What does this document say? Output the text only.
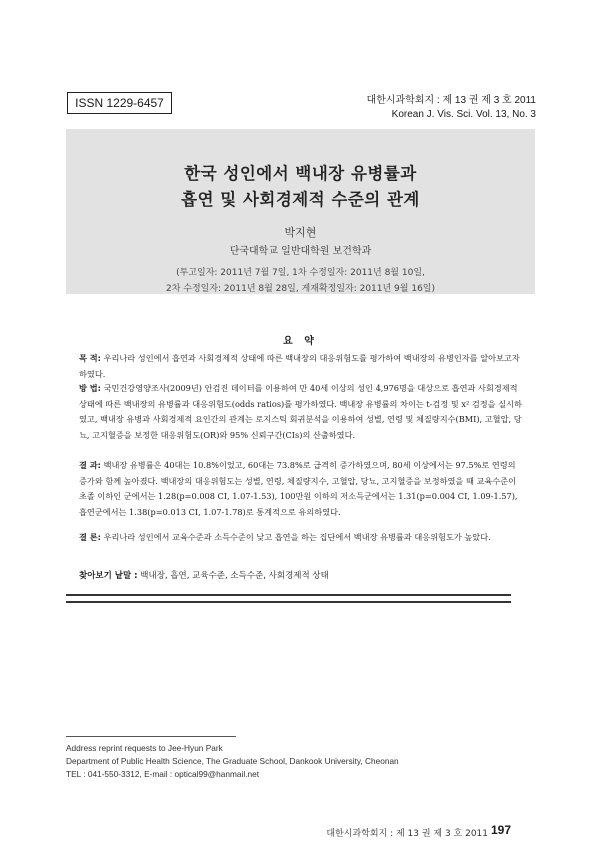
ISSN 1229-6457	대한시과학회지 : 제 13 권 제 3 호 2011
Korean J. Vis. Sci. Vol. 13, No. 3
한국 성인에서 백내장 유병률과
흡연 및 사회경제적 수준의 관계
박지현
단국대학교 일반대학원 보건학과
(투고일자: 2011년 7월 7일, 1차 수정일자: 2011년 8월 10일,
2차 수정일자: 2011년 8월 28일, 게재확정일자: 2011년 9월 16일)
요 약
목 적: 우리나라 성인에서 흡연과 사회경제적 상태에 따른 백내장의 대응위험도를 평가하여 백내장의 유병인자를 알아보고자 하였다.
방 법: 국민건강영양조사(2009년) 안검진 데이터를 이용하여 만 40세 이상의 성인 4,976명을 대상으로 흡연과 사회경제적 상태에 따른 백내장의 유병률과 대응위험도(odds ratios)를 평가하였다. 백내장 유병률의 차이는 t-검정 및 x² 검정을 실시하였고, 백내장 유병과 사회경제적 요인간의 관계는 로지스틱 회귀분석을 이용하여 성별, 연령 및 체질량지수(BMI), 고혈압, 당뇨, 고지혈증을 보정한 대응위험도(OR)와 95% 신뢰구간(CIs)의 산출하였다.
결 과: 백내장 유병률은 40대는 10.8%이었고, 60대는 73.8%로 급격히 증가하였으며, 80세 이상에서는 97.5%로 연령의 증가와 함께 높아졌다. 백내장의 대응위험도는 성별, 연령, 체질량지수, 고혈압, 당뇨, 고지혈증을 보정하였을 때 교육수준이 초졸 이하인 군에서는 1.28(p=0.008 CI, 1.07-1.53), 100만원 이하의 저소득군에서는 1.31(p=0.004 CI, 1.09-1.57), 흡연군에서는 1.38(p=0.013 CI, 1.07-1.78)로 통계적으로 유의하였다.
결 론: 우리나라 성인에서 교육수준과 소득수준이 낮고 흡연을 하는 집단에서 백내장 유병률과 대응위험도가 높았다.
찾아보기 낱말 : 백내장, 흡연, 교육수준, 소득수준, 사회경제적 상태
Address reprint requests to Jee-Hyun Park
Department of Public Health Science, The Graduate School, Dankook University, Cheonan
TEL : 041-550-3312, E-mail : optical99@hanmail.net
대한시과학회지 : 제 13 권 제 3 호 2011 197
